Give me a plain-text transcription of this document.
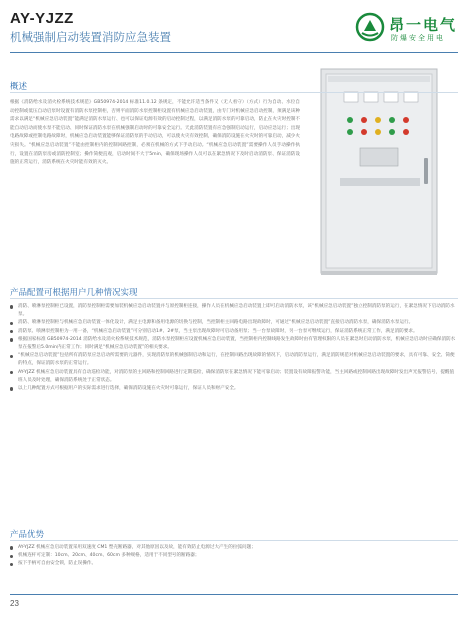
AY-YJZZ
机械强制启动装置消防应急装置
昂一电气
防爆安全用电
概述
根据《消防给水及消火栓系统技术规范》GB50974-2014 标准11.0.12 条规定，不能允许适当条件又（无人看守）（方式）行为自动、水位自动控制或低压自动启泵时设置有消防水泵控制柜，否则平面消防水泵控制柜设置有机械应急启动装置，由专门对机械应急启动控制，须满足该种需求以满足“机械应急启动装置”能满足消防水泵运行、也可以保证电源有效的启动控制过程，以满足消防水泵的可靠启动，防止在火灾时控制不能自动启动而使水泵不能启动、同时保证消防水泵在机械强制启动时的可靠安全运行。天此消防装置有应急强制启动运行，启动应急运行；出现电路故障或控制电路故障时，机械应急启动装置能够保证消防泵的手动启动，可以使火灾有效控制，确保消防设施在火灾时的可靠启动，减少火灾损失。“机械应急启动装置”不能由控制柜内的控制回路控制，必须在机械的方式下手动启动。“机械应急启动装置”需要操作人员手动操作执行，设置在消防泵房或消防控制室；操作简便直观，启动时间不大于5min，确保现场操作人员可以在紧急情况下及时启动消防泵、保证消防设施的正常运行，消防系统在火灾时能有效的灭火。
产品配置可根据用户几种情况实现
消防、喷淋泵控制柜已设置，消防泵控制柜需要加装机械应急启动装置并与原控制柜连接，操作人员在机械应急启动装置上即可启动消防水泵，该“机械应急启动装置”独立控制消防泵的运行，在紧急情况下启动消防水泵。
消防、喷淋泵控制柜与机械应急启动装置一体化设计，满足主电源和备用电源的切换与控制，当控制柜主回路电路出现故障时，可通过“机械应急启动装置”直接启动消防水泵，确保消防水泵运行。
消防泵、喷淋泵控制柜为一用一备，“机械应急启动装置”可分别启动1#、2#泵，当主泵出现故障时可启动备用泵；当一台泵故障时，另一台泵可继续运行，保证消防系统正常工作，满足消防要求。
根据国家标准 GB50974-2014 消防给水及消火栓系统技术规范，消防水泵控制柜应设置机械应急启动装置，当控制柜内控制线路发生故障时由有管理权限的人员在紧急时启动消防水泵，机械应急启动时应确保消防水泵在报警后5.0min内正常工作；同时满足“机械应急启动装置”的相关要求。
“机械应急启动装置”包括所有消防泵应急启动所需要的元器件，实现消防泵的机械强制启动和运行，在控制回路出现故障的情况下，启动消防泵运行，满足消防规范对机械应急启动装置的要求，具有可靠、安全、简便的特点，保证消防水泵的正常运行。
AY-YJZZ 机械应急启动装置具有自动巡检功能，对消防泵的主回路和控制回路进行定期巡检，确保消防泵在紧急情况下能可靠启动；装置设有故障报警功能，当主回路或控制回路出现故障时发出声光报警信号，提醒值班人员及时处理，确保消防系统处于正常状态。
以上几种配置方式可根据用户的实际需求进行选择，确保消防设施在火灾时可靠运行，保证人员和财产安全。
产品优势
AY-YJZZ 机械应急启动装置采用双速度 CM1 塑壳断路器，对其他原因以及故，能有效防止电源过大产生的拉弧问题；
机械连杆可定制：10cm、20cm、40cm、60cm 多种规格，适用于不同型号的断路器；
按下手柄可自由安全锁，防止误操作。
23
